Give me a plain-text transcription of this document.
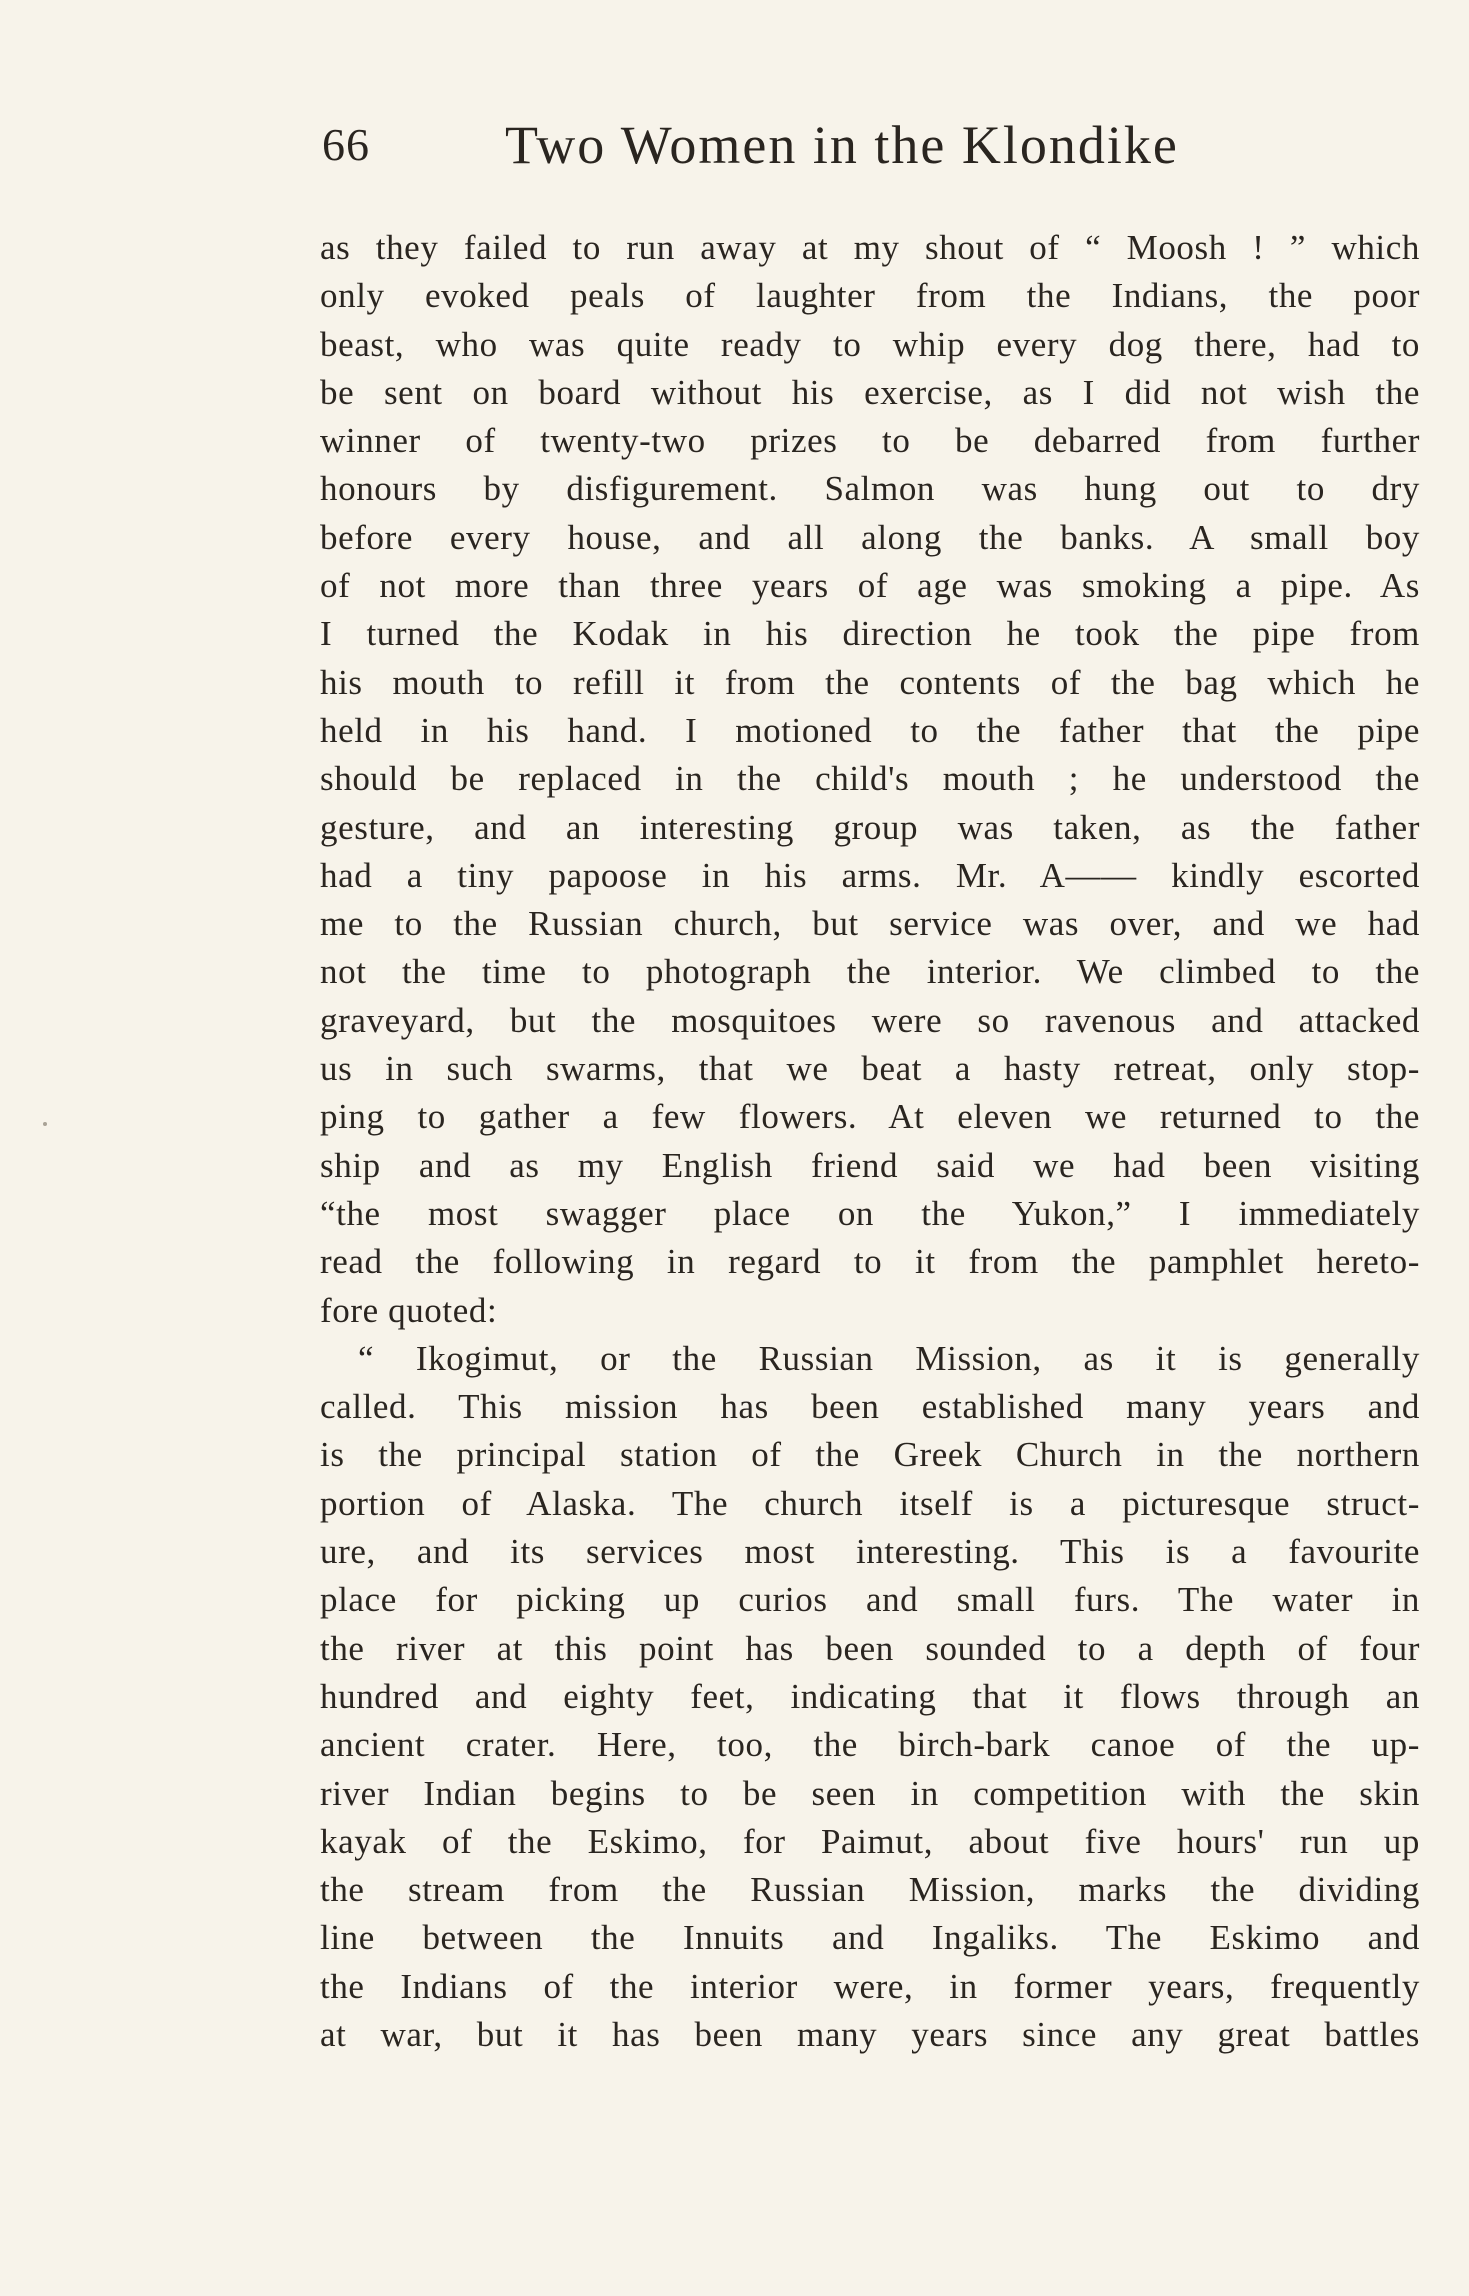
66	Two Women in the Klondike
as they failed to run away at my shout of “ Moosh ! ” which
only evoked peals of laughter from the Indians, the poor
beast, who was quite ready to whip every dog there, had to
be sent on board without his exercise, as I did not wish the
winner of twenty-two prizes to be debarred from further
honours by disfigurement. Salmon was hung out to dry
before every house, and all along the banks. A small boy
of not more than three years of age was smoking a pipe. As
I turned the Kodak in his direction he took the pipe from
his mouth to refill it from the contents of the bag which he
held in his hand. I motioned to the father that the pipe
should be replaced in the child's mouth ; he understood the
gesture, and an interesting group was taken, as the father
had a tiny papoose in his arms. Mr. A—— kindly escorted
me to the Russian church, but service was over, and we had
not the time to photograph the interior. We climbed to the
graveyard, but the mosquitoes were so ravenous and attacked
us in such swarms, that we beat a hasty retreat, only stop-
ping to gather a few flowers. At eleven we returned to the
ship and as my English friend said we had been visiting
“the most swagger place on the Yukon,” I immediately
read the following in regard to it from the pamphlet hereto-
fore quoted:
“ Ikogimut, or the Russian Mission, as it is generally
called. This mission has been established many years and
is the principal station of the Greek Church in the northern
portion of Alaska. The church itself is a picturesque struct-
ure, and its services most interesting. This is a favourite
place for picking up curios and small furs. The water in
the river at this point has been sounded to a depth of four
hundred and eighty feet, indicating that it flows through an
ancient crater. Here, too, the birch-bark canoe of the up-
river Indian begins to be seen in competition with the skin
kayak of the Eskimo, for Paimut, about five hours' run up
the stream from the Russian Mission, marks the dividing
line between the Innuits and Ingaliks. The Eskimo and
the Indians of the interior were, in former years, frequently
at war, but it has been many years since any great battles
